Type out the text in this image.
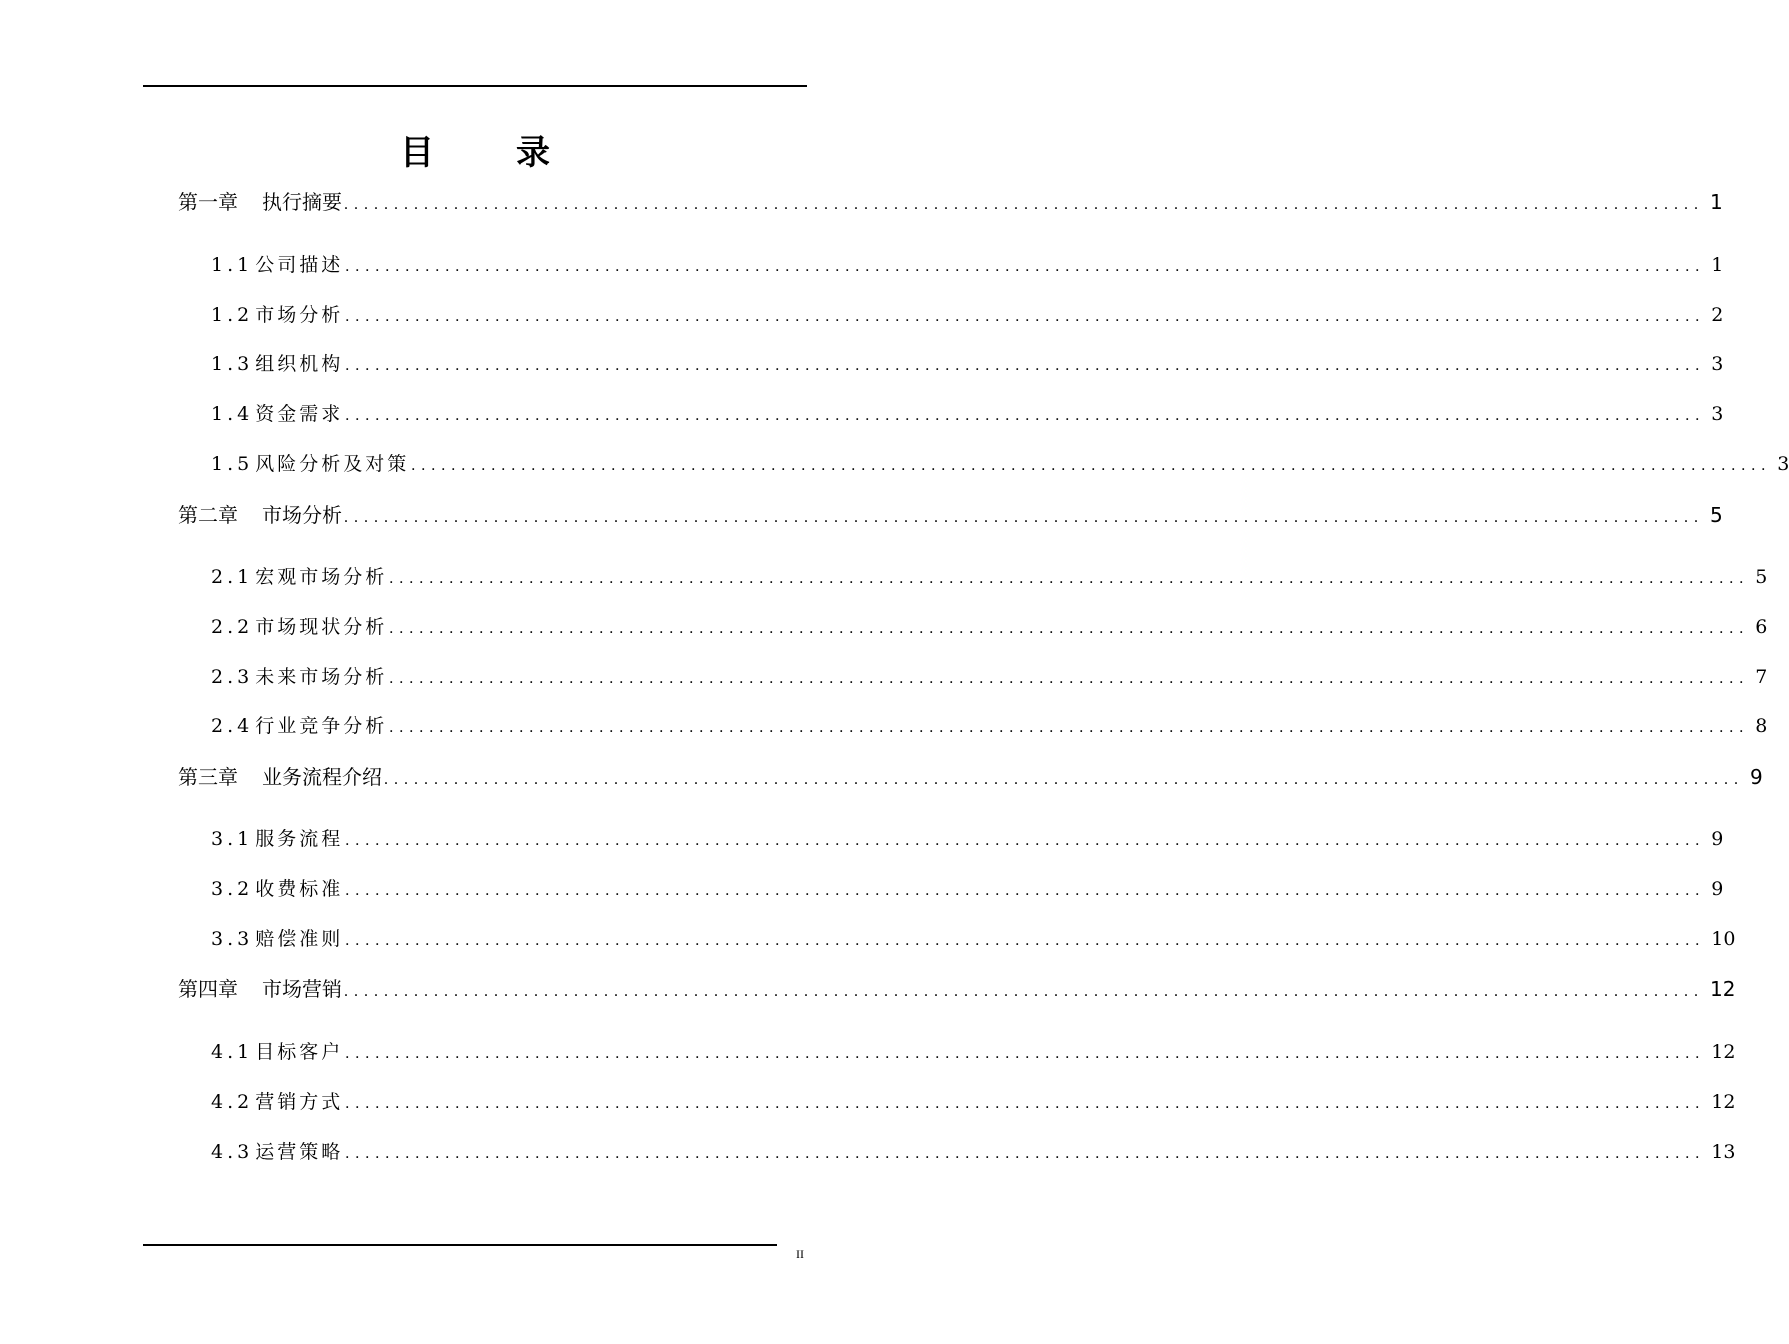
目　录
第一章 执行摘要 ........................................................................................................................................ 1
1.1 公司描述 ........................................................................................................................................ 1
1.2 市场分析 ........................................................................................................................................ 2
1.3 组织机构 ........................................................................................................................................ 3
1.4 资金需求 ........................................................................................................................................ 3
1.5 风险分析及对策 ........................................................................................................................................ 3
第二章 市场分析 ........................................................................................................................................ 5
2.1 宏观市场分析 ........................................................................................................................................ 5
2.2 市场现状分析 ........................................................................................................................................ 6
2.3 未来市场分析 ........................................................................................................................................ 7
2.4 行业竞争分析 ........................................................................................................................................ 8
第三章 业务流程介绍 ........................................................................................................................................ 9
3.1 服务流程 ........................................................................................................................................ 9
3.2 收费标准 ........................................................................................................................................ 9
3.3 赔偿准则 ........................................................................................................................................ 10
第四章 市场营销 ........................................................................................................................................ 12
4.1 目标客户 ........................................................................................................................................ 12
4.2 营销方式 ........................................................................................................................................ 12
4.3 运营策略 ........................................................................................................................................ 13
II
